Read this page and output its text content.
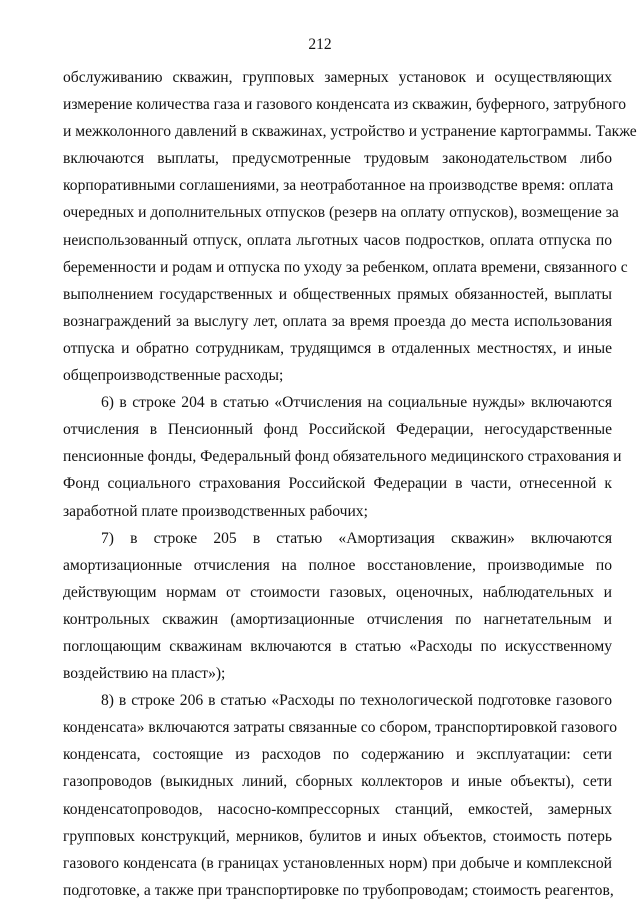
212
обслуживанию скважин, групповых замерных установок и осуществляющих
измерение количества газа и газового конденсата из скважин, буферного, затрубного
и межколонного давлений в скважинах, устройство и устранение картограммы. Также
включаются выплаты, предусмотренные трудовым законодательством либо
корпоративными соглашениями, за неотработанное на производстве время: оплата
очередных и дополнительных отпусков (резерв на оплату отпусков), возмещение за
неиспользованный отпуск, оплата льготных часов подростков, оплата отпуска по
беременности и родам и отпуска по уходу за ребенком, оплата времени, связанного с
выполнением государственных и общественных прямых обязанностей, выплаты
вознаграждений за выслугу лет, оплата за время проезда до места использования
отпуска и обратно сотрудникам, трудящимся в отдаленных местностях, и иные
общепроизводственные расходы;
6) в строке 204 в статью «Отчисления на социальные нужды» включаются
отчисления в Пенсионный фонд Российской Федерации, негосударственные
пенсионные фонды, Федеральный фонд обязательного медицинского страхования и
Фонд социального страхования Российской Федерации в части, отнесенной к
заработной плате производственных рабочих;
7) в строке 205 в статью «Амортизация скважин» включаются
амортизационные отчисления на полное восстановление, производимые по
действующим нормам от стоимости газовых, оценочных, наблюдательных и
контрольных скважин (амортизационные отчисления по нагнетательным и
поглощающим скважинам включаются в статью «Расходы по искусственному
воздействию на пласт»);
8) в строке 206 в статью «Расходы по технологической подготовке газового
конденсата» включаются затраты связанные со сбором, транспортировкой газового
конденсата, состоящие из расходов по содержанию и эксплуатации: сети
газопроводов (выкидных линий, сборных коллекторов и иные объекты), сети
конденсатопроводов, насосно-компрессорных станций, емкостей, замерных
групповых конструкций, мерников, булитов и иных объектов, стоимость потерь
газового конденсата (в границах установленных норм) при добыче и комплексной
подготовке, а также при транспортировке по трубопроводам; стоимость реагентов,
